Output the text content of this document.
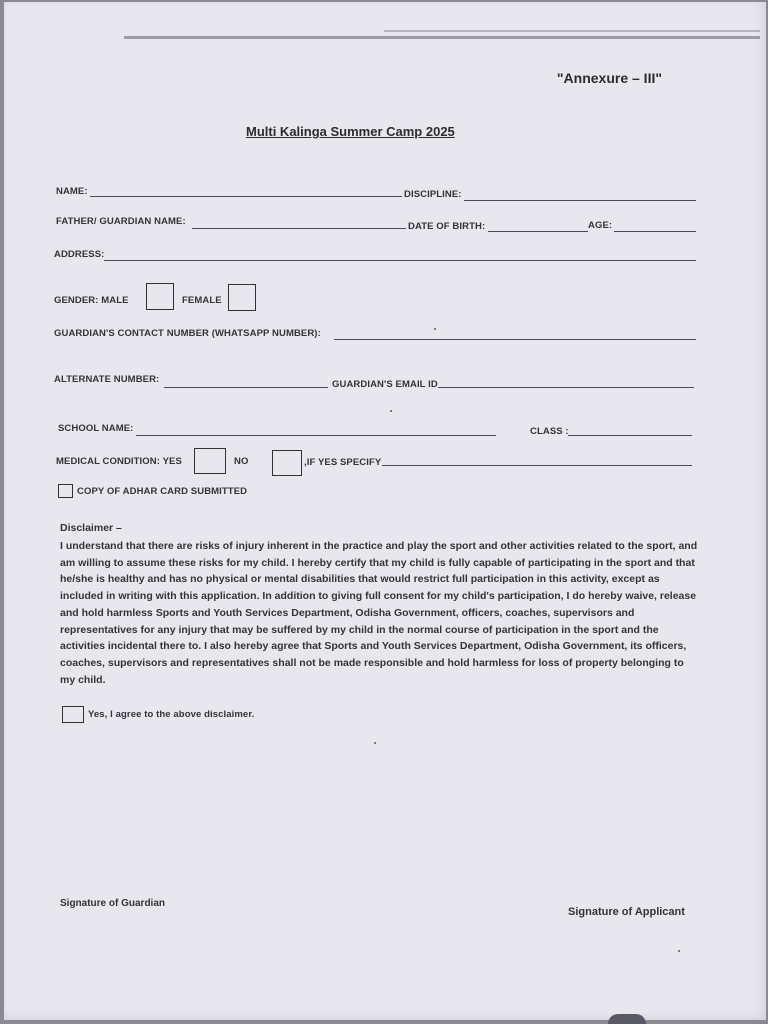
"Annexure – III"
Multi Kalinga Summer Camp 2025
NAME:	DISCIPLINE:
FATHER/ GUARDIAN NAME:	DATE OF BIRTH:	AGE:
ADDRESS:
GENDER: MALE	FEMALE
GUARDIAN'S CONTACT NUMBER (WHATSAPP NUMBER):
ALTERNATE NUMBER:	GUARDIAN'S EMAIL ID
SCHOOL NAME:	CLASS :
MEDICAL CONDITION: YES	NO	,IF YES SPECIFY
COPY OF ADHAR CARD SUBMITTED
Disclaimer –
I understand that there are risks of injury inherent in the practice and play the sport and other activities related to the sport, and am willing to assume these risks for my child. I hereby certify that my child is fully capable of participating in the sport and that he/she is healthy and has no physical or mental disabilities that would restrict full participation in this activity, except as included in writing with this application. In addition to giving full consent for my child's participation, I do hereby waive, release and hold harmless Sports and Youth Services Department, Odisha Government, officers, coaches, supervisors and representatives for any injury that may be suffered by my child in the normal course of participation in the sport and the activities incidental there to. I also hereby agree that Sports and Youth Services Department, Odisha Government, its officers, coaches, supervisors and representatives shall not be made responsible and hold harmless for loss of property belonging to my child.
Yes, I agree to the above disclaimer.
Signature of Guardian
Signature of Applicant
